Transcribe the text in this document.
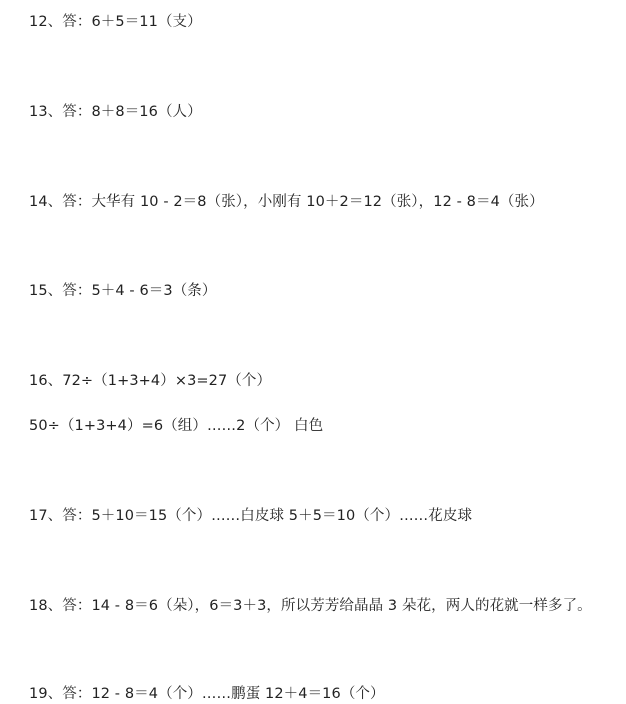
12、答：6＋5＝11（支）
13、答：8＋8＝16（人）
14、答：大华有 10 - 2＝8（张），小刚有 10＋2＝12（张），12 - 8＝4（张）
15、答：5＋4 - 6＝3（条）
16、72÷（1+3+4）×3=27（个）
50÷（1+3+4）=6（组）……2（个） 白色
17、答：5＋10＝15（个）……白皮球 5＋5＝10（个）……花皮球
18、答：14 - 8＝6（朵），6＝3＋3，所以芳芳给晶晶 3 朵花，两人的花就一样多了。
19、答：12 - 8＝4（个）……鹏蛋 12＋4＝16（个）
